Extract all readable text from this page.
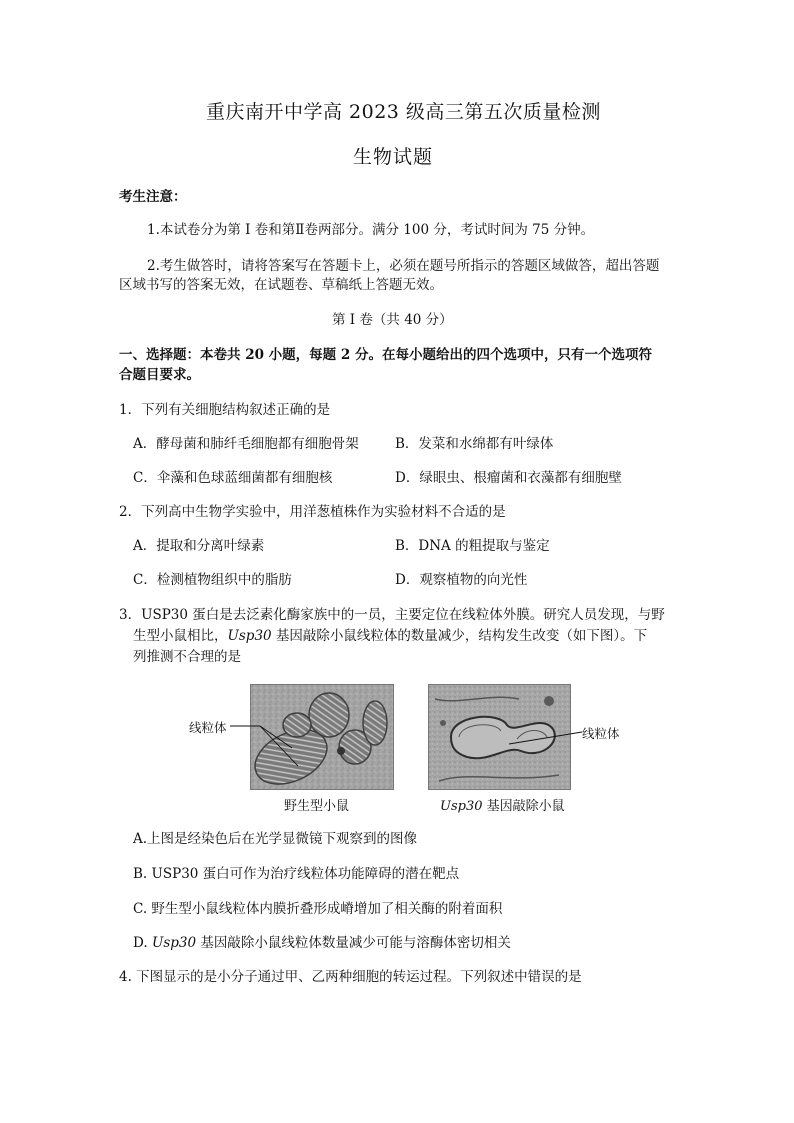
重庆南开中学高 2023 级高三第五次质量检测
生物试题
考生注意：
1.本试卷分为第 I 卷和第Ⅱ卷两部分。满分 100 分，考试时间为 75 分钟。
2.考生做答时，请将答案写在答题卡上，必须在题号所指示的答题区域做答，超出答题
区域书写的答案无效，在试题卷、草稿纸上答题无效。
第 I 卷（共 40 分）
一、选择题：本卷共 20 小题，每题 2 分。在每小题给出的四个选项中，只有一个选项符
合题目要求。
1．下列有关细胞结构叙述正确的是
A．酵母菌和肺纤毛细胞都有细胞骨架	B．发菜和水绵都有叶绿体
C．伞藻和色球蓝细菌都有细胞核	D．绿眼虫、根瘤菌和衣藻都有细胞壁
2．下列高中生物学实验中，用洋葱植株作为实验材料不合适的是
A．提取和分离叶绿素	B．DNA 的粗提取与鉴定
C．检测植物组织中的脂肪	D．观察植物的向光性
3．USP30 蛋白是去泛素化酶家族中的一员，主要定位在线粒体外膜。研究人员发现，与野
生型小鼠相比，Usp30 基因敲除小鼠线粒体的数量减少，结构发生改变（如下图）。下
列推测不合理的是
线粒体
野生型小鼠
线粒体
Usp30 基因敲除小鼠
A.上图是经染色后在光学显微镜下观察到的图像
B. USP30 蛋白可作为治疗线粒体功能障碍的潜在靶点
C. 野生型小鼠线粒体内膜折叠形成嵴增加了相关酶的附着面积
D. Usp30 基因敲除小鼠线粒体数量减少可能与溶酶体密切相关
4. 下图显示的是小分子通过甲、乙两种细胞的转运过程。下列叙述中错误的是
